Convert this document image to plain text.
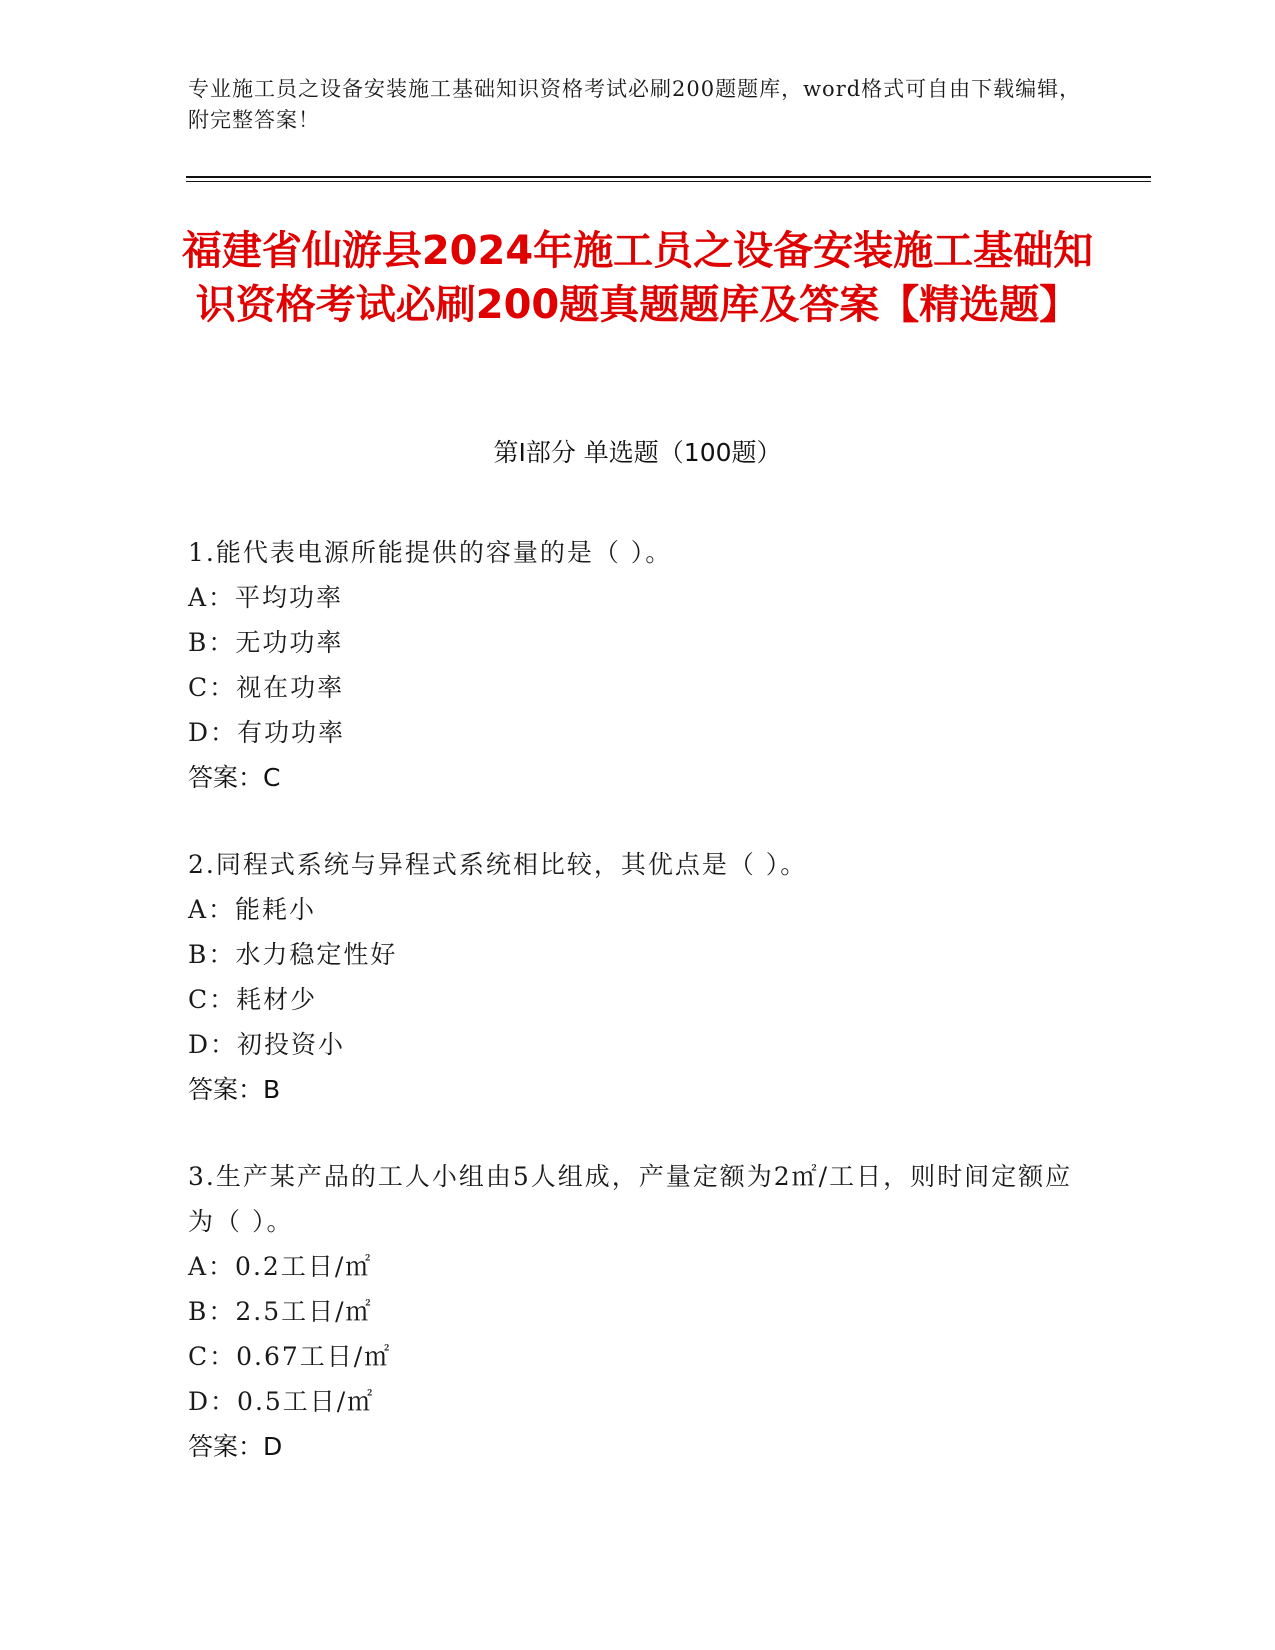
专业施工员之设备安装施工基础知识资格考试必刷200题题库，word格式可自由下载编辑，附完整答案！
福建省仙游县2024年施工员之设备安装施工基础知识资格考试必刷200题真题题库及答案【精选题】
第I部分 单选题（100题）
1.能代表电源所能提供的容量的是（ ）。
A：平均功率
B：无功功率
C：视在功率
D：有功功率
答案：C
2.同程式系统与异程式系统相比较，其优点是（ ）。
A：能耗小
B：水力稳定性好
C：耗材少
D：初投资小
答案：B
3.生产某产品的工人小组由5人组成，产量定额为2㎡/工日，则时间定额应为（ ）。
A：0.2工日/㎡
B：2.5工日/㎡
C：0.67工日/㎡
D：0.5工日/㎡
答案：D
